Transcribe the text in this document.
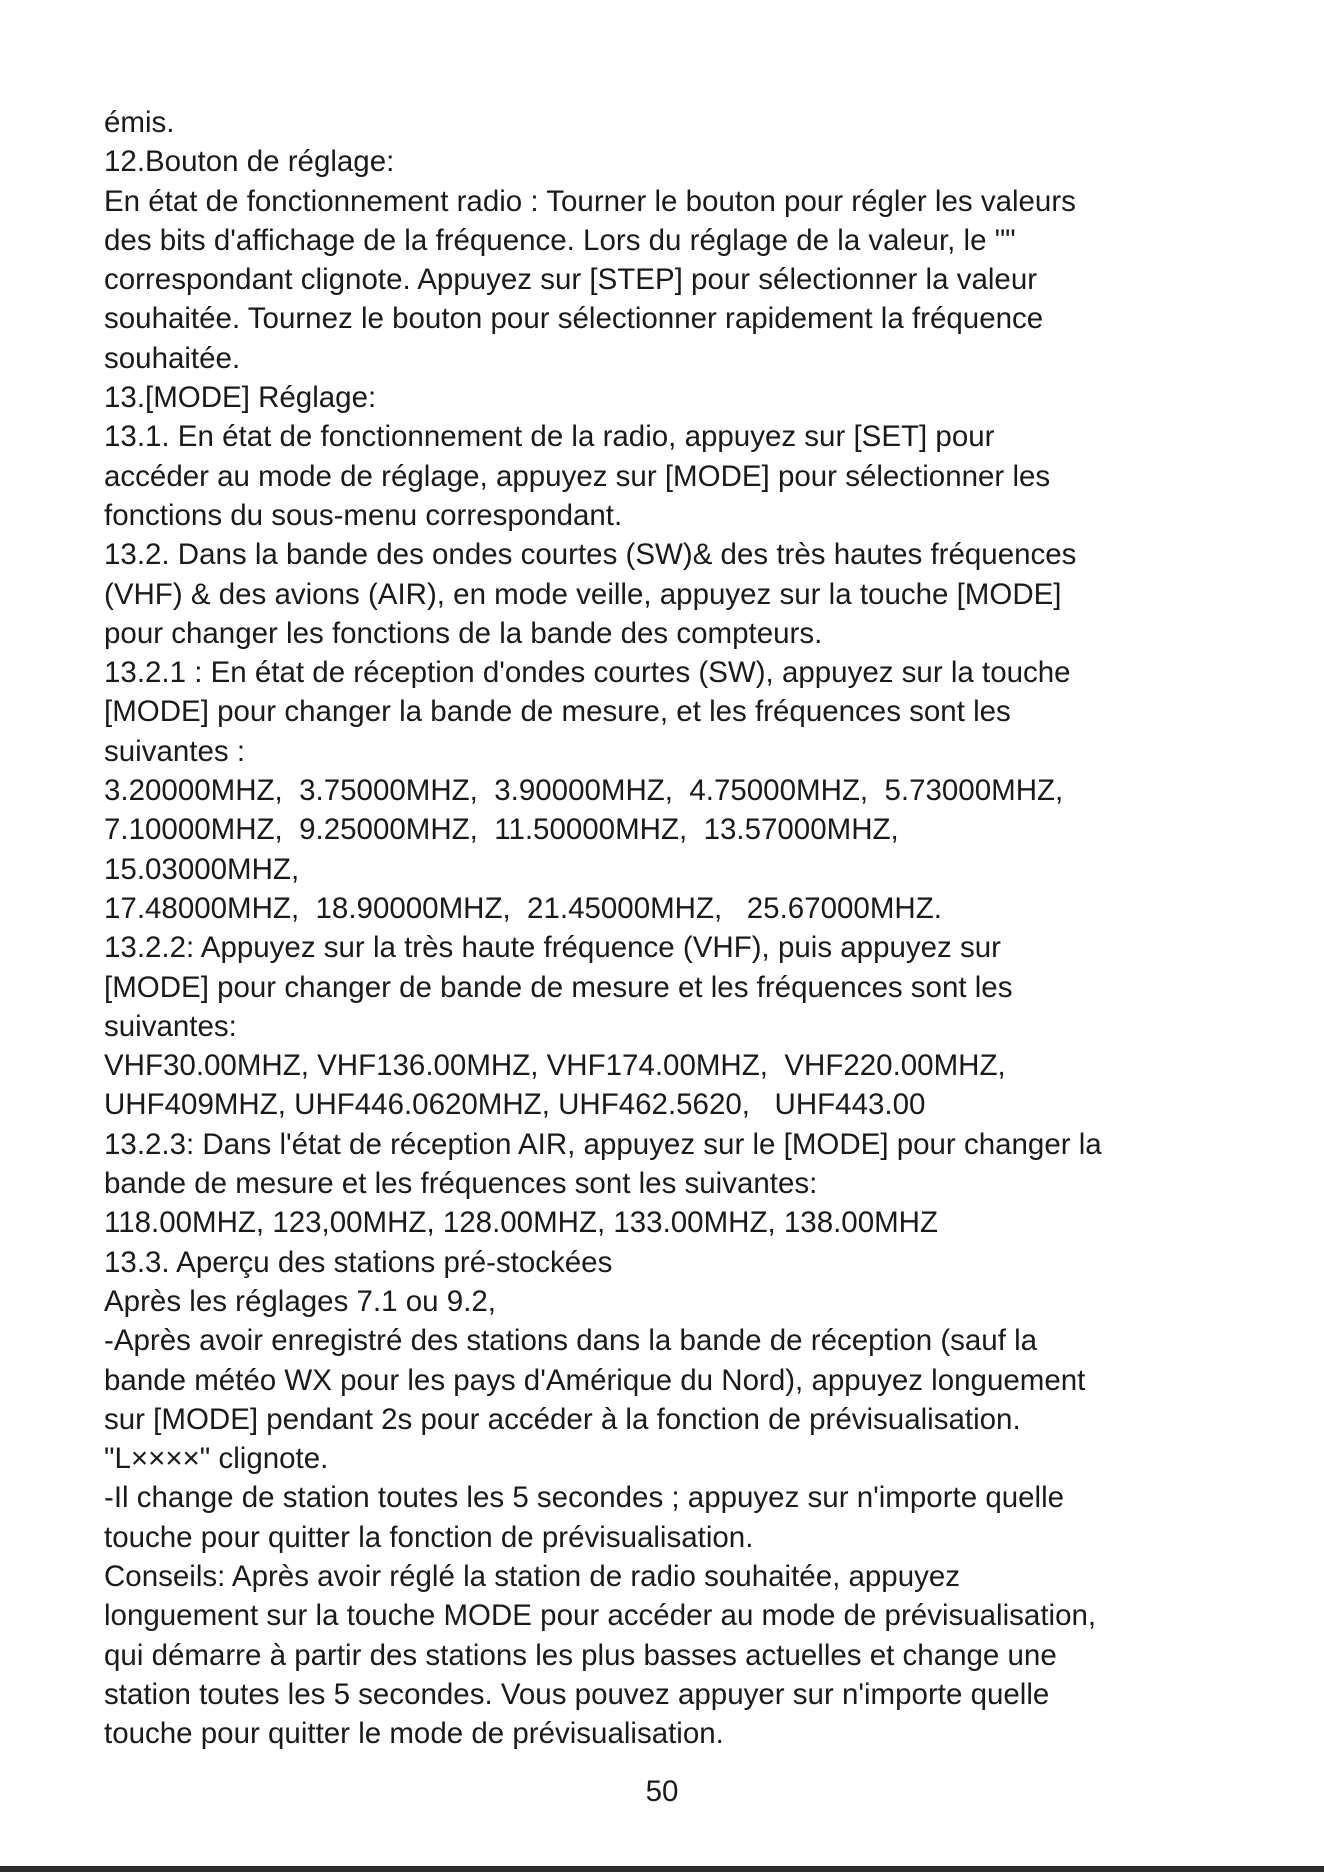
émis.
12.Bouton de réglage:
En état de fonctionnement radio : Tourner le bouton pour régler les valeurs
des bits d'affichage de la fréquence. Lors du réglage de la valeur, le ""
correspondant clignote. Appuyez sur [STEP] pour sélectionner la valeur
souhaitée. Tournez le bouton pour sélectionner rapidement la fréquence
souhaitée.
13.[MODE] Réglage:
13.1. En état de fonctionnement de la radio, appuyez sur [SET] pour
accéder au mode de réglage, appuyez sur [MODE] pour sélectionner les
fonctions du sous-menu correspondant.
13.2. Dans la bande des ondes courtes (SW)& des très hautes fréquences
(VHF) & des avions (AIR), en mode veille, appuyez sur la touche [MODE]
pour changer les fonctions de la bande des compteurs.
13.2.1 : En état de réception d'ondes courtes (SW), appuyez sur la touche
[MODE] pour changer la bande de mesure, et les fréquences sont les
suivantes :
3.20000MHZ,  3.75000MHZ,  3.90000MHZ,  4.75000MHZ,  5.73000MHZ,
7.10000MHZ,  9.25000MHZ,  11.50000MHZ,  13.57000MHZ,
15.03000MHZ,
17.48000MHZ,  18.90000MHZ,  21.45000MHZ,   25.67000MHZ.
13.2.2: Appuyez sur la très haute fréquence (VHF), puis appuyez sur
[MODE] pour changer de bande de mesure et les fréquences sont les
suivantes:
VHF30.00MHZ, VHF136.00MHZ, VHF174.00MHZ,  VHF220.00MHZ,
UHF409MHZ, UHF446.0620MHZ, UHF462.5620,   UHF443.00
13.2.3: Dans l'état de réception AIR, appuyez sur le [MODE] pour changer la
bande de mesure et les fréquences sont les suivantes:
118.00MHZ, 123,00MHZ, 128.00MHZ, 133.00MHZ, 138.00MHZ
13.3. Aperçu des stations pré-stockées
Après les réglages 7.1 ou 9.2,
-Après avoir enregistré des stations dans la bande de réception (sauf la
bande météo WX pour les pays d'Amérique du Nord), appuyez longuement
sur [MODE] pendant 2s pour accéder à la fonction de prévisualisation.
"L××××" clignote.
-Il change de station toutes les 5 secondes ; appuyez sur n'importe quelle
touche pour quitter la fonction de prévisualisation.
Conseils: Après avoir réglé la station de radio souhaitée, appuyez
longuement sur la touche MODE pour accéder au mode de prévisualisation,
qui démarre à partir des stations les plus basses actuelles et change une
station toutes les 5 secondes. Vous pouvez appuyer sur n'importe quelle
touche pour quitter le mode de prévisualisation.
50
